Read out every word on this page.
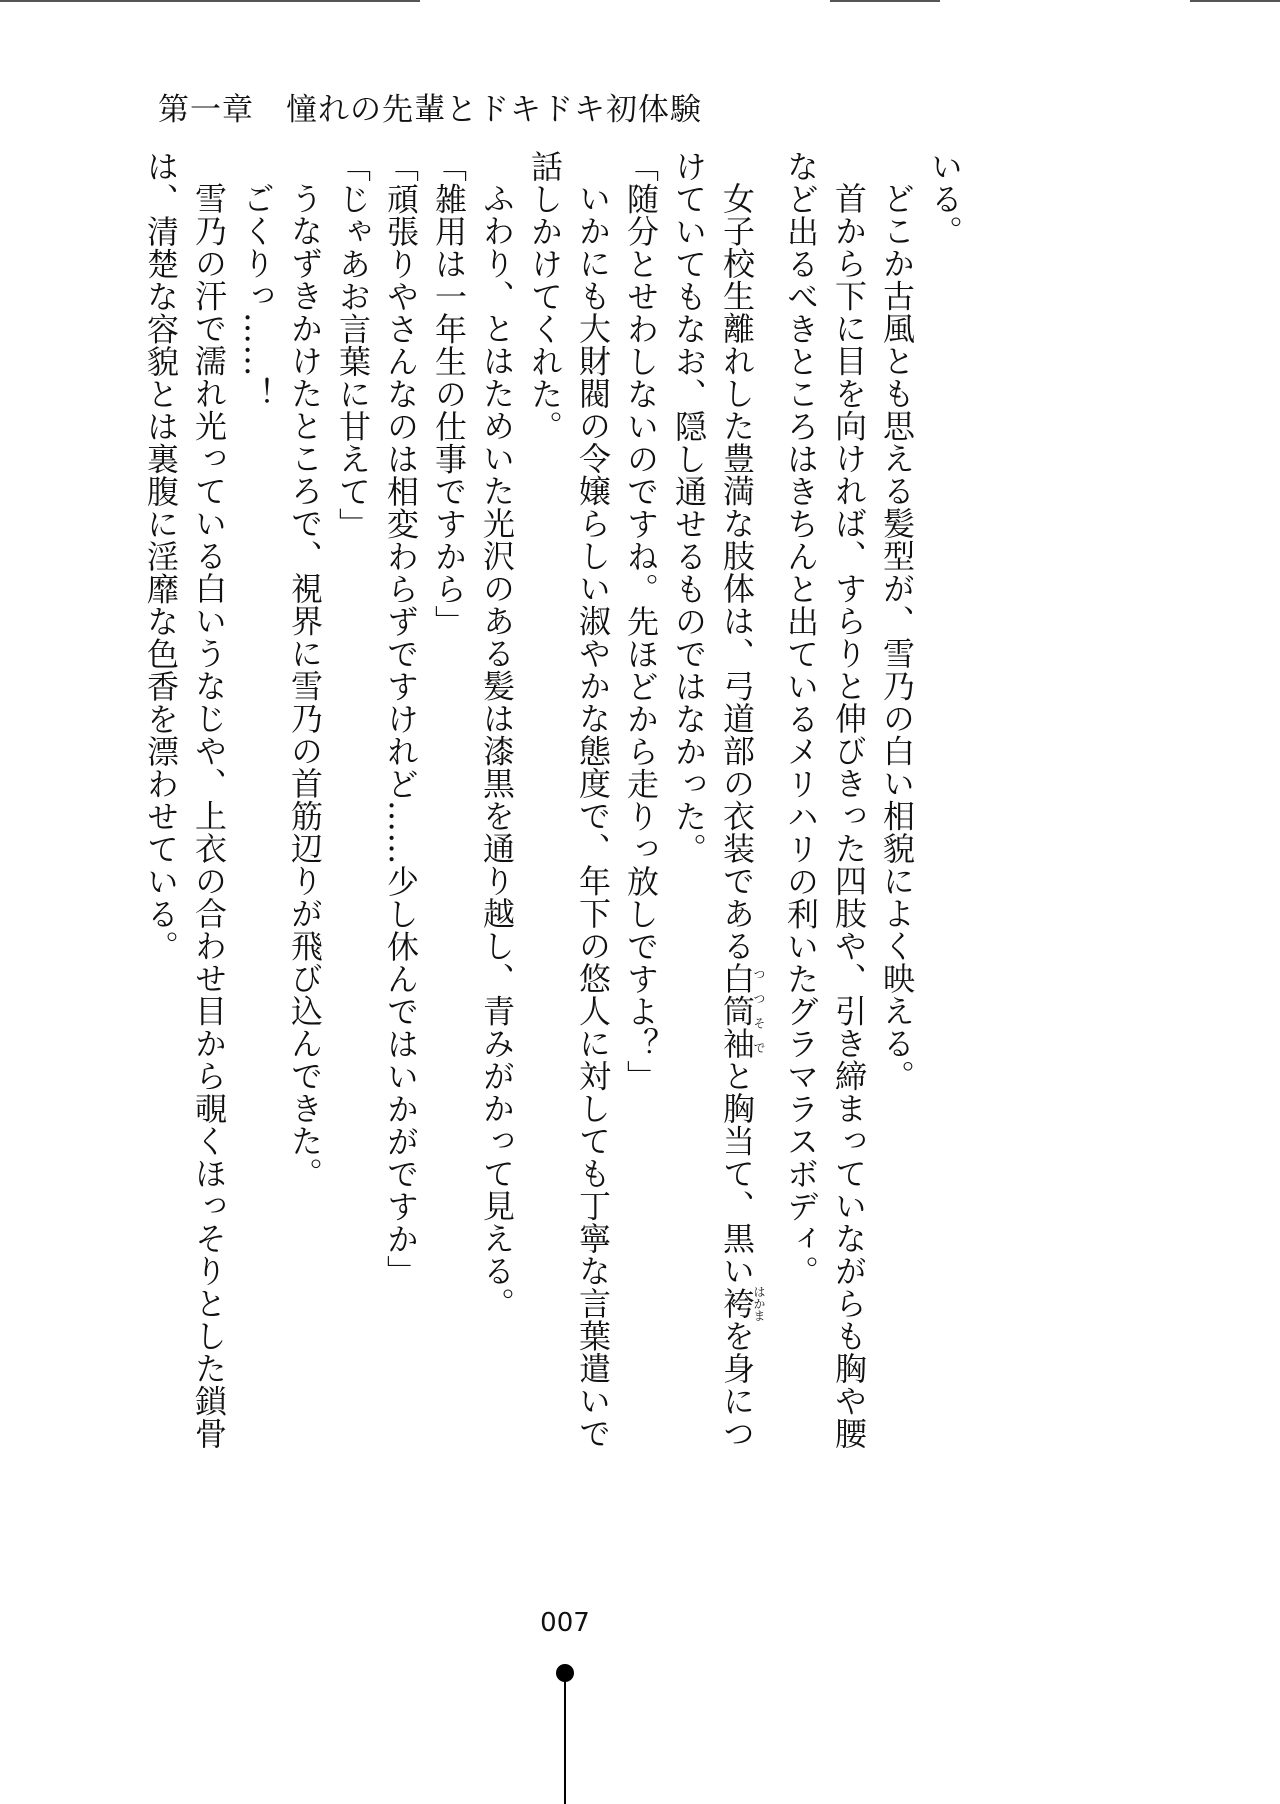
第一章　憧れの先輩とドキドキ初体験

いる。

どこか古風とも思える髪型が、雪乃の白い相貌によく映える。

首から下に目を向ければ、すらりと伸びきった四肢や、引き締まっていながらも胸や腰

など出るべきところはきちんと出ているメリハリの利いたグラマラスボディ。

女子校生離れした豊満な肢体は、弓道部の衣装である白筒袖つつそでと胸当て、黒い袴はかまを身につ

けていてもなお、隠し通せるものではなかった。

「随分とせわしないのですね。先ほどから走りっ放しですよ？」

いかにも大財閥の令嬢らしい淑やかな態度で、年下の悠人に対しても丁寧な言葉遣いで

話しかけてくれた。

ふわり、とはためいた光沢のある髪は漆黒を通り越し、青みがかって見える。

「雑用は一年生の仕事ですから」

「頑張りやさんなのは相変わらずですけれど……少し休んではいかがですか」

「じゃあお言葉に甘えて」

うなずきかけたところで、視界に雪乃の首筋辺りが飛び込んできた。

ごくりっ……！

雪乃の汗で濡れ光っている白いうなじや、上衣の合わせ目から覗くほっそりとした鎖骨

は、清楚な容貌とは裏腹に淫靡な色香を漂わせている。

007
